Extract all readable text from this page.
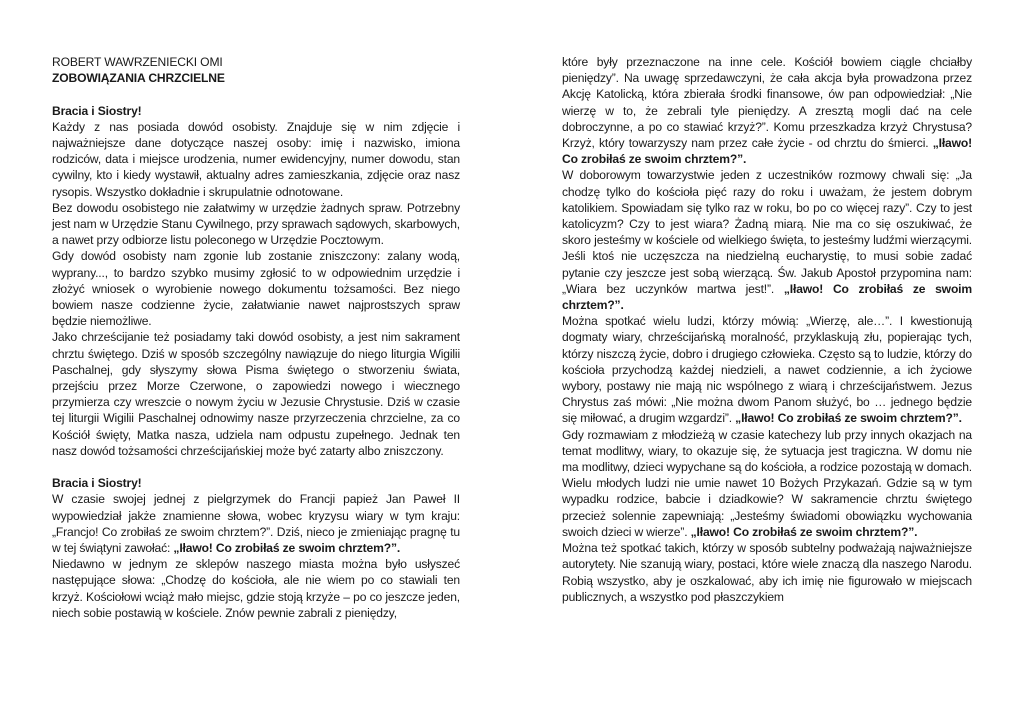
ROBERT WAWRZENIECKI OMI
ZOBOWIĄZANIA CHRZCIELNE
Bracia i Siostry!

Każdy z nas posiada dowód osobisty. Znajduje się w nim zdjęcie i najważniejsze dane dotyczące naszej osoby: imię i nazwisko, imiona rodziców, data i miejsce urodzenia, numer ewidencyjny, numer dowodu, stan cywilny, kto i kiedy wystawił, aktualny adres zamieszkania, zdjęcie oraz nasz rysopis. Wszystko dokładnie i skrupulatnie odnotowane.

Bez dowodu osobistego nie załatwimy w urzędzie żadnych spraw. Potrzebny jest nam w Urzędzie Stanu Cywilnego, przy sprawach sądowych, skarbowych, a nawet przy odbiorze listu poleconego w Urzędzie Pocztowym.

Gdy dowód osobisty nam zgonie lub zostanie zniszczony: zalany wodą, wyprany..., to bardzo szybko musimy zgłosić to w odpowiednim urzędzie i złożyć wniosek o wyrobienie nowego dokumentu tożsamości. Bez niego bowiem nasze codzienne życie, załatwianie nawet najprostszych spraw będzie niemożliwe.

Jako chrześcijanie też posiadamy taki dowód osobisty, a jest nim sakrament chrztu świętego. Dziś w sposób szczególny nawiązuje do niego liturgia Wigilii Paschalnej, gdy słyszymy słowa Pisma świętego o stworzeniu świata, przejściu przez Morze Czerwone, o zapowiedzi nowego i wiecznego przymierza czy wreszcie o nowym życiu w Jezusie Chrystusie. Dziś w czasie tej liturgii Wigilii Paschalnej odnowimy nasze przyrzeczenia chrzcielne, za co Kościół święty, Matka nasza, udziela nam odpustu zupełnego. Jednak ten nasz dowód tożsamości chrześcijańskiej może być zatarty albo zniszczony.

Bracia i Siostry!

W czasie swojej jednej z pielgrzymek do Francji papież Jan Paweł II wypowiedział jakże znamienne słowa, wobec kryzysu wiary w tym kraju: „Francjo! Co zrobiłaś ze swoim chrztem?”. Dziś, nieco je zmieniając pragnę tu w tej świątyni zawołać: „Iławo! Co zrobiłaś ze swoim chrztem?”.

Niedawno w jednym ze sklepów naszego miasta można było usłyszeć następujące słowa: „Chodzę do kościoła, ale nie wiem po co stawiali ten krzyż. Kościołowi wciąż mało miejsc, gdzie stoją krzyże – po co jeszcze jeden, niech sobie postawią w kościele. Znów pewnie zabrali z pieniędzy,

które były przeznaczone na inne cele. Kościół bowiem ciągle chciałby pieniędzy”. Na uwagę sprzedawczyni, że cała akcja była prowadzona przez Akcję Katolicką, która zbierała środki finansowe, ów pan odpowiedział: „Nie wierzę w to, że zebrali tyle pieniędzy. A zresztą mogli dać na cele dobroczynne, a po co stawiać krzyż?”. Komu przeszkadza krzyż Chrystusa? Krzyż, który towarzyszy nam przez całe życie - od chrztu do śmierci. „Iławo! Co zrobiłaś ze swoim chrztem?”.

W doborowym towarzystwie jeden z uczestników rozmowy chwali się: „Ja chodzę tylko do kościoła pięć razy do roku i uważam, że jestem dobrym katolikiem. Spowiadam się tylko raz w roku, bo po co więcej razy”. Czy to jest katolicyzm? Czy to jest wiara? Żadną miarą. Nie ma co się oszukiwać, że skoro jesteśmy w kościele od wielkiego święta, to jesteśmy ludźmi wierzącymi. Jeśli ktoś nie uczęszcza na niedzielną eucharystię, to musi sobie zadać pytanie czy jeszcze jest sobą wierzącą. Św. Jakub Apostoł przypomina nam: „Wiara bez uczynków martwa jest!”. „Iławo! Co zrobiłaś ze swoim chrztem?”.

Można spotkać wielu ludzi, którzy mówią: „Wierzę, ale…”. I kwestionują dogmaty wiary, chrześcijańską moralność, przyklaskują złu, popierając tych, którzy niszczą życie, dobro i drugiego człowieka. Często są to ludzie, którzy do kościoła przychodzą każdej niedzieli, a nawet codziennie, a ich życiowe wybory, postawy nie mają nic wspólnego z wiarą i chrześcijaństwem. Jezus Chrystus zaś mówi: „Nie można dwom Panom służyć, bo … jednego będzie się miłować, a drugim wzgardzi”. „Iławo! Co zrobiłaś ze swoim chrztem?”.

Gdy rozmawiam z młodzieżą w czasie katechezy lub przy innych okazjach na temat modlitwy, wiary, to okazuje się, że sytuacja jest tragiczna. W domu nie ma modlitwy, dzieci wypychane są do kościoła, a rodzice pozostają w domach. Wielu młodych ludzi nie umie nawet 10 Bożych Przykazań. Gdzie są w tym wypadku rodzice, babcie i dziadkowie? W sakramencie chrztu świętego przecież solennie zapewniają: „Jesteśmy świadomi obowiązku wychowania swoich dzieci w wierze”. „Iławo! Co zrobiłaś ze swoim chrztem?”.

Można też spotkać takich, którzy w sposób subtelny podważają najważniejsze autorytety. Nie szanują wiary, postaci, które wiele znaczą dla naszego Narodu. Robią wszystko, aby je oszkalować, aby ich imię nie figurowało w miejscach publicznych, a wszystko pod płaszczykiem
